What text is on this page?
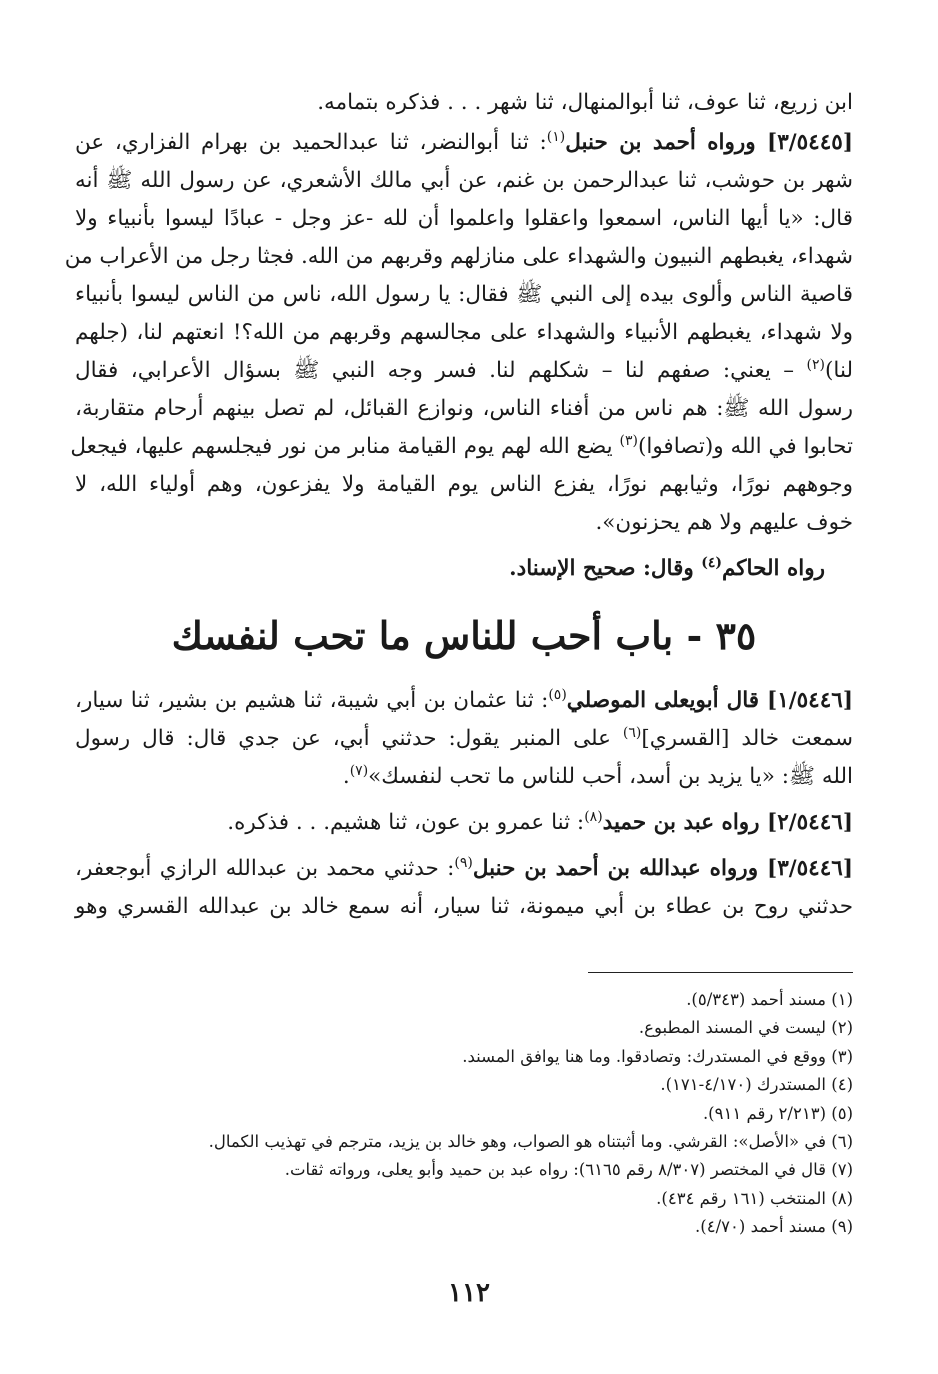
ابن زريع، ثنا عوف، ثنا أبوالمنهال، ثنا شهر . . . فذكره بتمامه.
[٣/٥٤٤٥] ورواه أحمد بن حنبل$^{(١)}$: ثنا أبوالنضر، ثنا عبدالحميد بن بهرام الفزاري، عن
شهر بن حوشب، ثنا عبدالرحمن بن غنم، عن أبي مالك الأشعري، عن رسول الله ﷺ أنه
قال: «يا أيها الناس، اسمعوا واعقلوا واعلموا أن لله -عز وجل - عبادًا ليسوا بأنبياء ولا
شهداء، يغبطهم النبيون والشهداء على منازلهم وقربهم من الله. فجثا رجل من الأعراب من
قاصية الناس وألوى بيده إلى النبي ﷺ فقال: يا رسول الله، ناس من الناس ليسوا بأنبياء
ولا شهداء، يغبطهم الأنبياء والشهداء على مجالسهم وقربهم من الله؟! انعتهم لنا، (جلهم
لنا)$^{(٢)}$ – يعني: صفهم لنا – شكلهم لنا. فسر وجه النبي ﷺ بسؤال الأعرابي، فقال
رسول الله ﷺ: هم ناس من أفناء الناس، ونوازع القبائل، لم تصل بينهم أرحام متقاربة،
تحابوا في الله و(تصافوا)$^{(٣)}$ يضع الله لهم يوم القيامة منابر من نور فيجلسهم عليها، فيجعل
وجوههم نورًا، وثيابهم نورًا، يفزع الناس يوم القيامة ولا يفزعون، وهم أولياء الله، لا
خوف عليهم ولا هم يحزنون».
رواه الحاكم$^{(٤)}$ وقال: صحيح الإسناد.
٣٥ - باب أحب للناس ما تحب لنفسك
[١/٥٤٤٦] قال أبويعلى الموصلي$^{(٥)}$: ثنا عثمان بن أبي شيبة، ثنا هشيم بن بشير، ثنا سيار،
سمعت خالد [القسري]$^{(٦)}$ على المنبر يقول: حدثني أبي، عن جدي قال: قال رسول
الله ﷺ: «يا يزيد بن أسد، أحب للناس ما تحب لنفسك»$^{(٧)}$.
[٢/٥٤٤٦] رواه عبد بن حميد$^{(٨)}$: ثنا عمرو بن عون، ثنا هشيم. . . فذكره.
[٣/٥٤٤٦] ورواه عبدالله بن أحمد بن حنبل$^{(٩)}$: حدثني محمد بن عبدالله الرازي أبوجعفر،
حدثني روح بن عطاء بن أبي ميمونة، ثنا سيار، أنه سمع خالد بن عبدالله القسري وهو
(١) مسند أحمد (٥/٣٤٣).
(٢) ليست في المسند المطبوع.
(٣) ووقع في المستدرك: وتصادقوا. وما هنا يوافق المسند.
(٤) المستدرك (٤/١٧٠-١٧١).
(٥) (٢/٢١٣ رقم ٩١١).
(٦) في «الأصل»: القرشي. وما أثبتناه هو الصواب، وهو خالد بن يزيد، مترجم في تهذيب الكمال.
(٧) قال في المختصر (٨/٣٠٧ رقم ٦١٦٥): رواه عبد بن حميد وأبو يعلى، ورواته ثقات.
(٨) المنتخب (١٦١ رقم ٤٣٤).
(٩) مسند أحمد (٤/٧٠).
١١٢
